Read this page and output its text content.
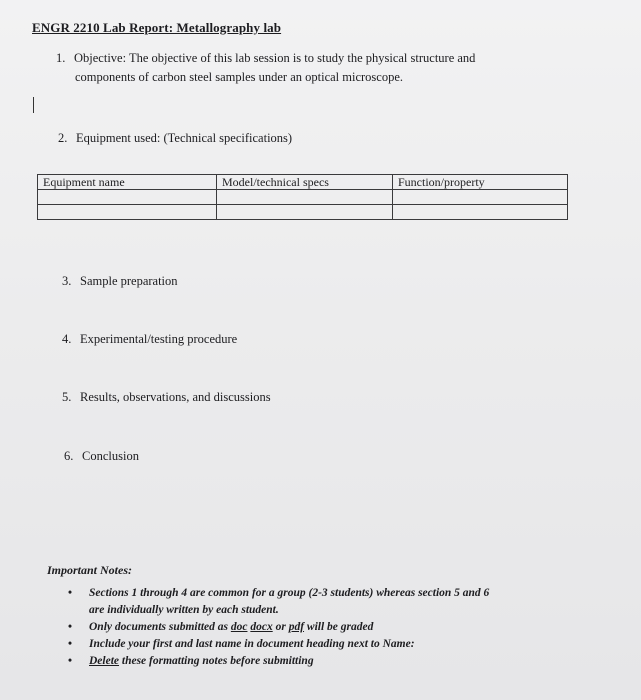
ENGR 2210 Lab Report: Metallography lab
1. Objective: The objective of this lab session is to study the physical structure and
components of carbon steel samples under an optical microscope.
2. Equipment used: (Technical specifications)
Equipment name	Model/technical specs	Function/property

3. Sample preparation
4. Experimental/testing procedure
5. Results, observations, and discussions
6. Conclusion
Important Notes:
• Sections 1 through 4 are common for a group (2-3 students) whereas section 5 and 6
are individually written by each student.
• Only documents submitted as doc docx or pdf will be graded
• Include your first and last name in document heading next to Name:
• Delete these formatting notes before submitting
